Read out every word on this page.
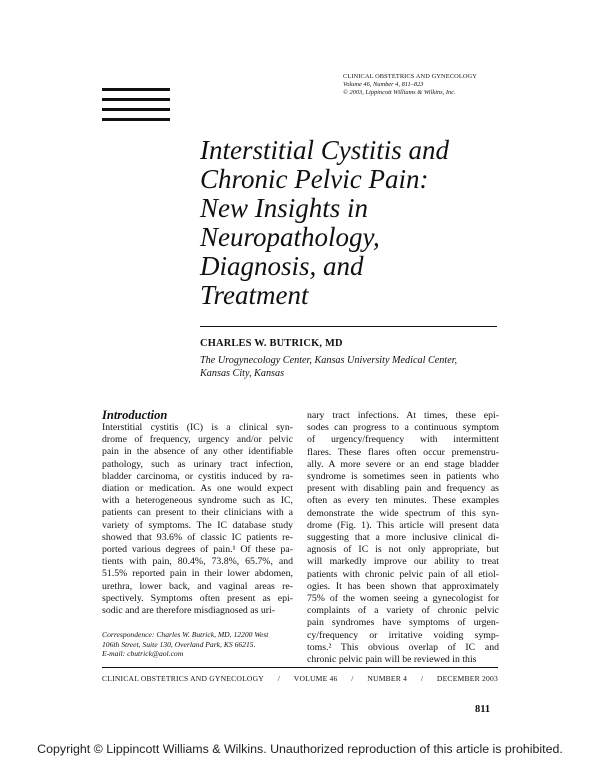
CLINICAL OBSTETRICS AND GYNECOLOGY
Volume 46, Number 4, 811–823
© 2003, Lippincott Williams & Wilkins, Inc.
Interstitial Cystitis and
Chronic Pelvic Pain:
New Insights in
Neuropathology,
Diagnosis, and
Treatment
CHARLES W. BUTRICK, MD
The Urogynecology Center, Kansas University Medical Center,
Kansas City, Kansas
Introduction
Interstitial cystitis (IC) is a clinical syn-
drome of frequency, urgency and/or pelvic
pain in the absence of any other identifiable
pathology, such as urinary tract infection,
bladder carcinoma, or cystitis induced by ra-
diation or medication. As one would expect
with a heterogeneous syndrome such as IC,
patients can present to their clinicians with a
variety of symptoms. The IC database study
showed that 93.6% of classic IC patients re-
ported various degrees of pain.¹ Of these pa-
tients with pain, 80.4%, 73.8%, 65.7%, and
51.5% reported pain in their lower abdomen,
urethra, lower back, and vaginal areas re-
spectively. Symptoms often present as epi-
sodic and are therefore misdiagnosed as uri-
nary tract infections. At times, these epi-
sodes can progress to a continuous symptom
of urgency/frequency with intermittent
flares. These flares often occur premenstru-
ally. A more severe or an end stage bladder
syndrome is sometimes seen in patients who
present with disabling pain and frequency as
often as every ten minutes. These examples
demonstrate the wide spectrum of this syn-
drome (Fig. 1). This article will present data
suggesting that a more inclusive clinical di-
agnosis of IC is not only appropriate, but
will markedly improve our ability to treat
patients with chronic pelvic pain of all etiol-
ogies. It has been shown that approximately
75% of the women seeing a gynecologist for
complaints of a variety of chronic pelvic
pain syndromes have symptoms of urgen-
cy/frequency or irritative voiding symp-
toms.² This obvious overlap of IC and
chronic pelvic pain will be reviewed in this
Correspondence: Charles W. Butrick, MD, 12200 West
106th Street, Suite 130, Overland Park, KS 66215.
E-mail: cbutrick@aol.com
CLINICAL OBSTETRICS AND GYNECOLOGY / VOLUME 46 / NUMBER 4 / DECEMBER 2003
811
Copyright © Lippincott Williams & Wilkins. Unauthorized reproduction of this article is prohibited.
